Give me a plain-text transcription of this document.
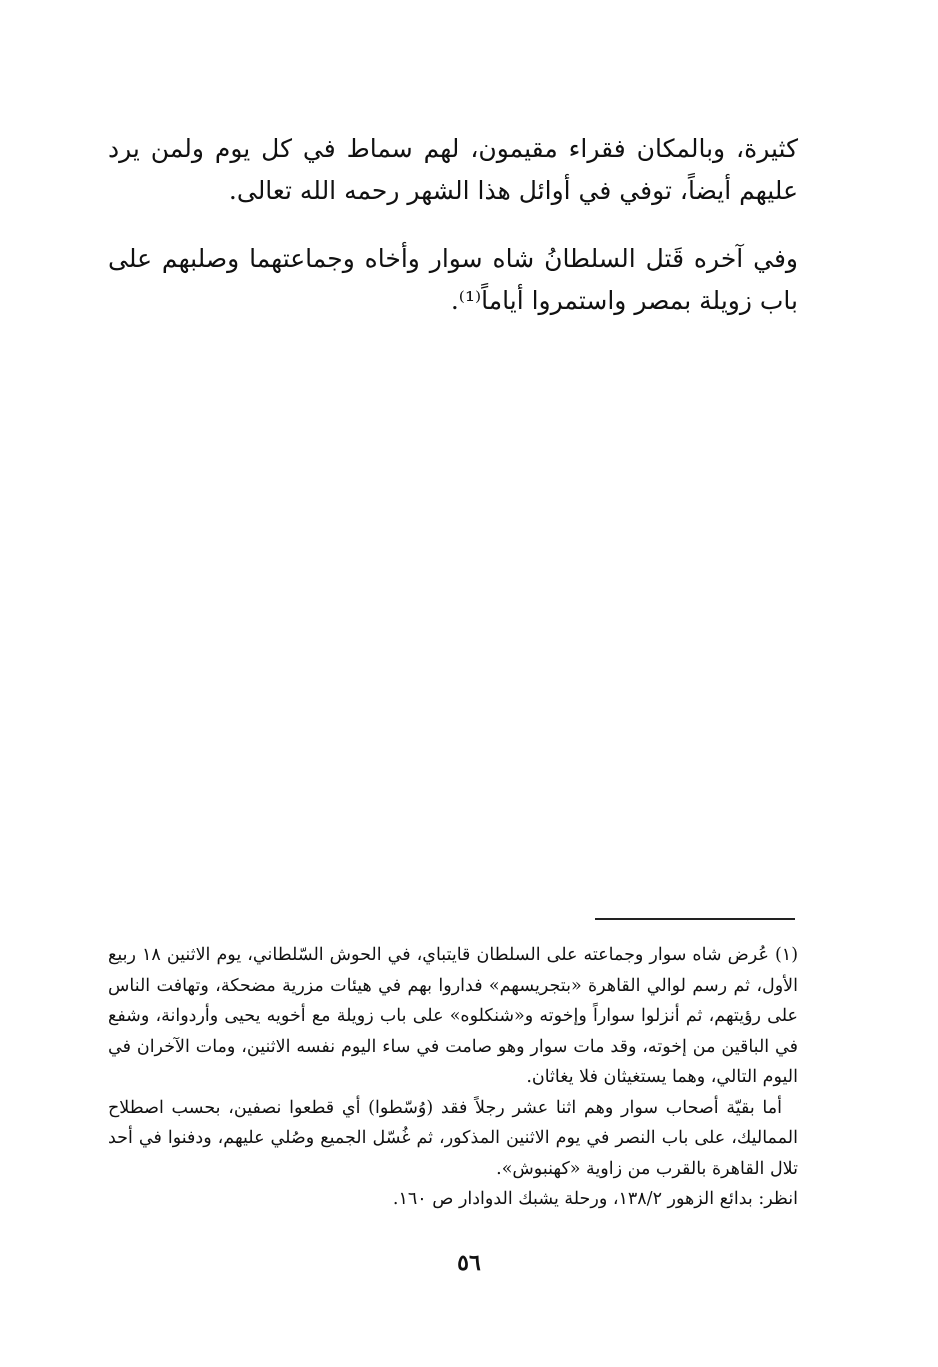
كثيرة، وبالمكان فقراء مقيمون، لهم سماط في كل يوم ولمن يرد عليهم أيضاً، توفي في أوائل هذا الشهر رحمه الله تعالى.

وفي آخره قَتل السلطانُ شاه سوار وأخاه وجماعتهما وصلبهم على باب زويلة بمصر واستمروا أياماً⁽¹⁾.

(١) عُرض شاه سوار وجماعته على السلطان قايتباي، في الحوش السّلطاني، يوم الاثنين ١٨ ربيع الأول، ثم رسم لوالي القاهرة «بتجريسهم» فداروا بهم في هيئات مزرية مضحكة، وتهافت الناس على رؤيتهم، ثم أنزلوا سواراً وإخوته و«شنكلوه» على باب زويلة مع أخويه يحيى وأردوانة، وشفع في الباقين من إخوته، وقد مات سوار وهو صامت في ساء اليوم نفسه الاثنين، ومات الآخران في اليوم التالي، وهما يستغيثان فلا يغاثان.

أما بقيّة أصحاب سوار وهم اثنا عشر رجلاً فقد (وُسّطوا) أي قطعوا نصفين، بحسب اصطلاح المماليك، على باب النصر في يوم الاثنين المذكور، ثم غُسّل الجميع وصُلي عليهم، ودفنوا في أحد تلال القاهرة بالقرب من زاوية «كهنبوش».

انظر: بدائع الزهور ١٣٨/٢، ورحلة يشبك الدوادار ص ١٦٠.

٥٦
